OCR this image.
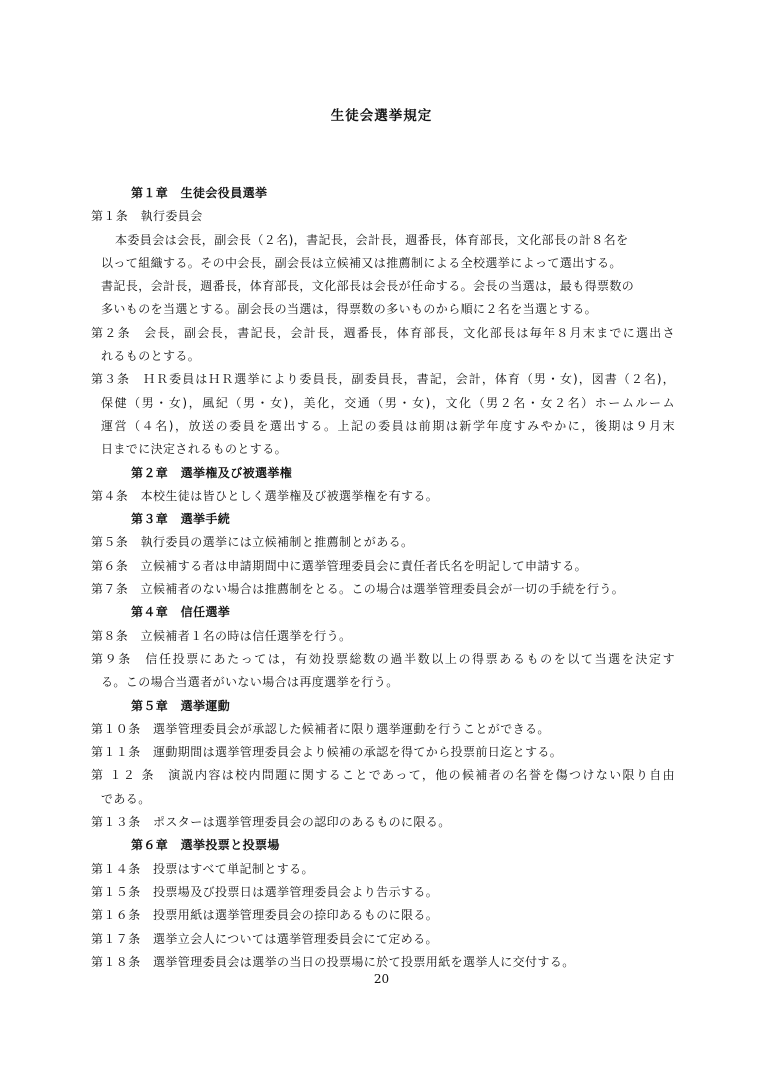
生徒会選挙規定
第１章　生徒会役員選挙
第１条　執行委員会
本委員会は会長，副会長（２名)，書記長，会計長，週番長，体育部長，文化部長の計８名を
以って組織する。その中会長，副会長は立候補又は推薦制による全校選挙によって選出する。
書記長，会計長，週番長，体育部長，文化部長は会長が任命する。会長の当選は，最も得票数の
多いものを当選とする。副会長の当選は，得票数の多いものから順に２名を当選とする。
第２条　会長，副会長，書記長，会計長，週番長，体育部長，文化部長は毎年８月末までに選出さ
れるものとする。
第３条　ＨＲ委員はＨＲ選挙により委員長，副委員長，書記，会計，体育（男・女)，図書（２名)，
保健（男・女)，風紀（男・女)，美化，交通（男・女)，文化（男２名・女２名）ホームルーム
運営（４名)，放送の委員を選出する。上記の委員は前期は新学年度すみやかに，後期は９月末
日までに決定されるものとする。
第２章　選挙権及び被選挙権
第４条　本校生徒は皆ひとしく選挙権及び被選挙権を有する。
第３章　選挙手続
第５条　執行委員の選挙には立候補制と推薦制とがある。
第６条　立候補する者は申請期間中に選挙管理委員会に責任者氏名を明記して申請する。
第７条　立候補者のない場合は推薦制をとる。この場合は選挙管理委員会が一切の手続を行う。
第４章　信任選挙
第８条　立候補者１名の時は信任選挙を行う。
第９条　信任投票にあたっては，有効投票総数の過半数以上の得票あるものを以て当選を決定す
る。この場合当選者がいない場合は再度選挙を行う。
第５章　選挙運動
第１０条　選挙管理委員会が承認した候補者に限り選挙運動を行うことができる。
第１１条　運動期間は選挙管理委員会より候補の承認を得てから投票前日迄とする。
第 １２ 条　演説内容は校内問題に関することであって，他の候補者の名誉を傷つけない限り自由
である。
第１３条　ポスターは選挙管理委員会の認印のあるものに限る。
第６章　選挙投票と投票場
第１４条　投票はすべて単記制とする。
第１５条　投票場及び投票日は選挙管理委員会より告示する。
第１６条　投票用紙は選挙管理委員会の捺印あるものに限る。
第１７条　選挙立会人については選挙管理委員会にて定める。
第１８条　選挙管理委員会は選挙の当日の投票場に於て投票用紙を選挙人に交付する。
20
